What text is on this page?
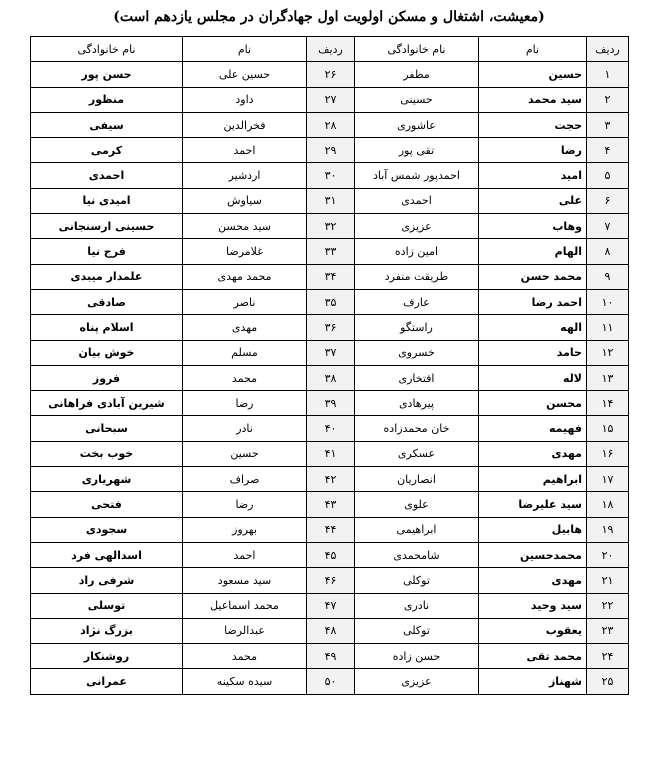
(معیشت، اشتغال و مسکن اولویت اول جهادگران در مجلس یازدهم است)
ردیف	نام	نام خانوادگی	ردیف	نام	نام خانوادگی
۱	حسین	مظفر	۲۶	حسین علی	حسن پور
۲	سید محمد	حسینی	۲۷	داود	منظور
۳	حجت	عاشوری	۲۸	فخرالدین	سیفی
۴	رضا	تقی پور	۲۹	احمد	کرمی
۵	امید	احمدپور شمس آباد	۳۰	اردشیر	احمدی
۶	علی	احمدی	۳۱	سیاوش	امیدی نیا
۷	وهاب	عزیزی	۳۲	سید محسن	حسینی ارسنجانی
۸	الهام	امین زاده	۳۳	غلامرضا	فرج نیا
۹	محمد حسن	طریقت منفرد	۳۴	محمد مهدی	علمدار میبدی
۱۰	احمد رضا	عارف	۳۵	ناصر	صادقی
۱۱	الهه	راستگو	۳۶	مهدی	اسلام پناه
۱۲	حامد	خسروی	۳۷	مسلم	خوش بیان
۱۳	لاله	افتخاری	۳۸	محمد	فروز
۱۴	محسن	پیرهادی	۳۹	رضا	شیرین آبادی فراهانی
۱۵	فهیمه	خان محمدزاده	۴۰	نادر	سبحانی
۱۶	مهدی	عسکری	۴۱	حسین	خوب بخت
۱۷	ابراهیم	انصاریان	۴۲	صراف	شهریاری
۱۸	سید علیرضا	علوی	۴۳	رضا	فتحی
۱۹	هابیل	ابراهیمی	۴۴	بهروز	سجودی
۲۰	محمدحسین	شامحمدی	۴۵	احمد	اسدالهی فرد
۲۱	مهدی	توکلی	۴۶	سید مسعود	شرفی راد
۲۲	سید وحید	نادری	۴۷	محمد اسماعیل	توسلی
۲۳	یعقوب	توکلی	۴۸	عبدالرضا	بزرگ نژاد
۲۴	محمد تقی	حسن زاده	۴۹	محمد	روشنکار
۲۵	شهناز	عزیزی	۵۰	سیده سکینه	عمرانی
